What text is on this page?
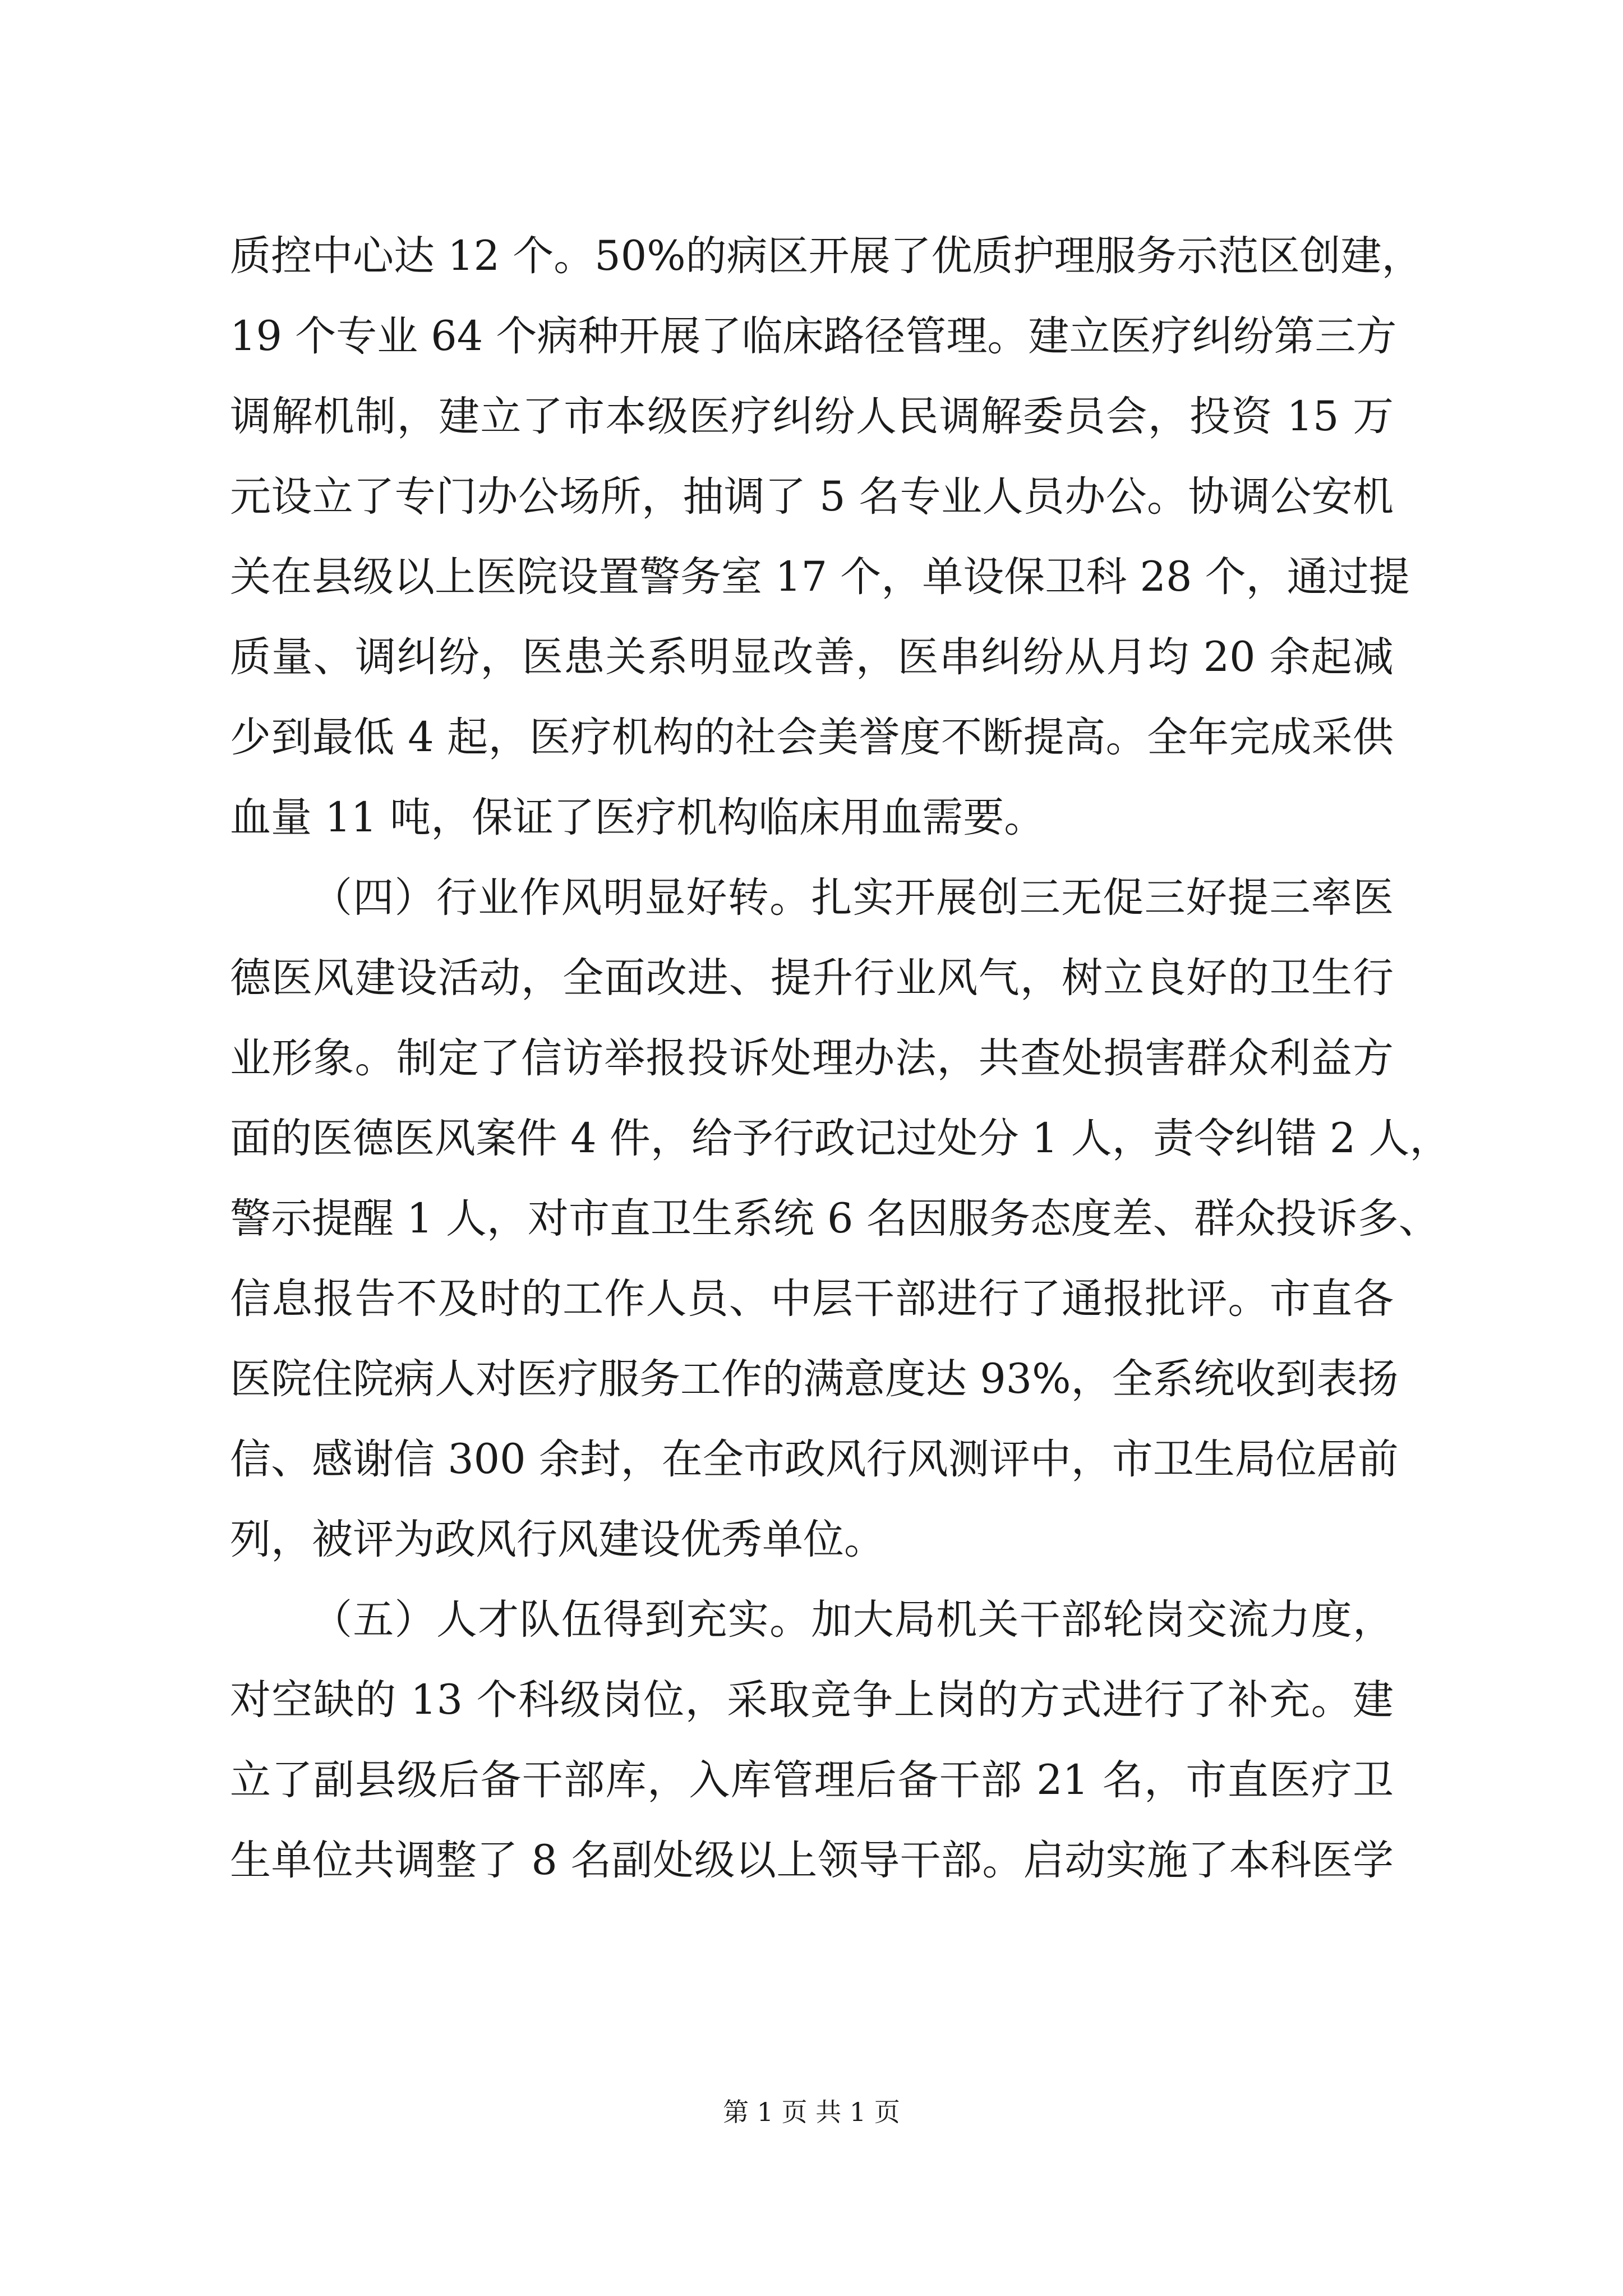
质控中心达 12 个。50%的病区开展了优质护理服务示范区创建，
19 个专业 64 个病种开展了临床路径管理。建立医疗纠纷第三方
调解机制，建立了市本级医疗纠纷人民调解委员会，投资 15 万
元设立了专门办公场所，抽调了 5 名专业人员办公。协调公安机
关在县级以上医院设置警务室 17 个，单设保卫科 28 个，通过提
质量、调纠纷，医患关系明显改善，医串纠纷从月均 20 余起减
少到最低 4 起，医疗机构的社会美誉度不断提高。全年完成采供
血量 11 吨，保证了医疗机构临床用血需要。
（四）行业作风明显好转。扎实开展创三无促三好提三率医
德医风建设活动，全面改进、提升行业风气，树立良好的卫生行
业形象。制定了信访举报投诉处理办法，共查处损害群众利益方
面的医德医风案件 4 件，给予行政记过处分 1 人，责令纠错 2 人，
警示提醒 1 人，对市直卫生系统 6 名因服务态度差、群众投诉多、
信息报告不及时的工作人员、中层干部进行了通报批评。市直各
医院住院病人对医疗服务工作的满意度达 93%，全系统收到表扬
信、感谢信 300 余封，在全市政风行风测评中，市卫生局位居前
列，被评为政风行风建设优秀单位。
（五）人才队伍得到充实。加大局机关干部轮岗交流力度，
对空缺的 13 个科级岗位，采取竞争上岗的方式进行了补充。建
立了副县级后备干部库，入库管理后备干部 21 名，市直医疗卫
生单位共调整了 8 名副处级以上领导干部。启动实施了本科医学
第 1 页 共 1 页
